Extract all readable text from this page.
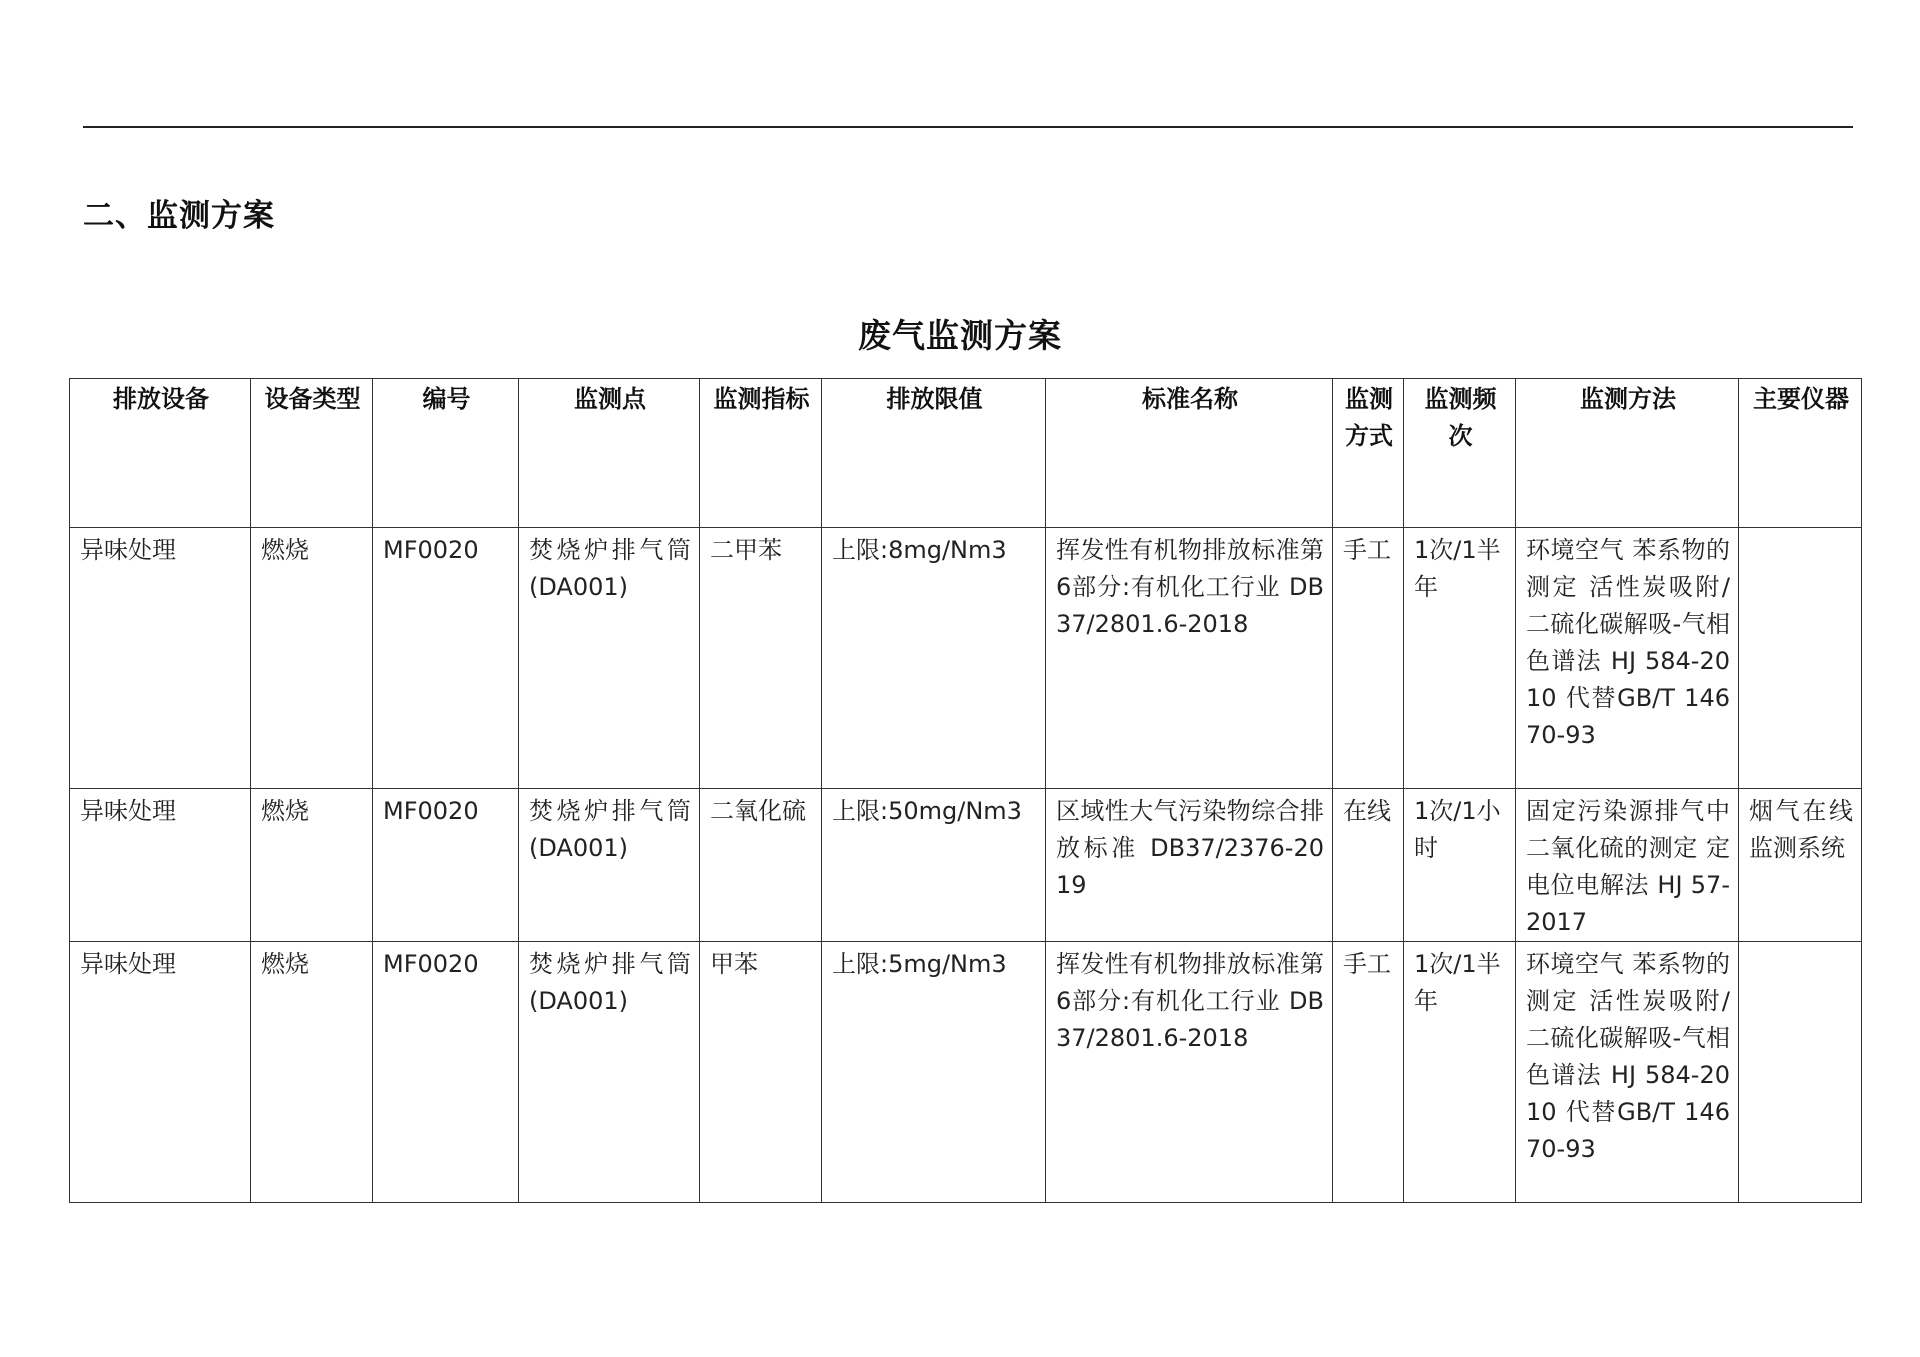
二、监测方案
废气监测方案
排放设备	设备类型	编号	监测点	监测指标	排放限值	标准名称	监测方式	监测频次	监测方法	主要仪器
异味处理	燃烧	MF0020	焚烧炉排气筒(DA001)	二甲苯	上限:8mg/Nm3	挥发性有机物排放标准第6部分:有机化工行业 DB37/2801.6-2018	手工	1次/1半年	环境空气 苯系物的测定 活性炭吸附/二硫化碳解吸-气相色谱法 HJ 584-2010 代替GB/T 14670-93	
异味处理	燃烧	MF0020	焚烧炉排气筒(DA001)	二氧化硫	上限:50mg/Nm3	区域性大气污染物综合排放标准 DB37/2376-2019	在线	1次/1小时	固定污染源排气中二氧化硫的测定 定电位电解法 HJ 57-2017	烟气在线监测系统
异味处理	燃烧	MF0020	焚烧炉排气筒(DA001)	甲苯	上限:5mg/Nm3	挥发性有机物排放标准第6部分:有机化工行业 DB37/2801.6-2018	手工	1次/1半年	环境空气 苯系物的测定 活性炭吸附/二硫化碳解吸-气相色谱法 HJ 584-2010 代替GB/T 14670-93	
